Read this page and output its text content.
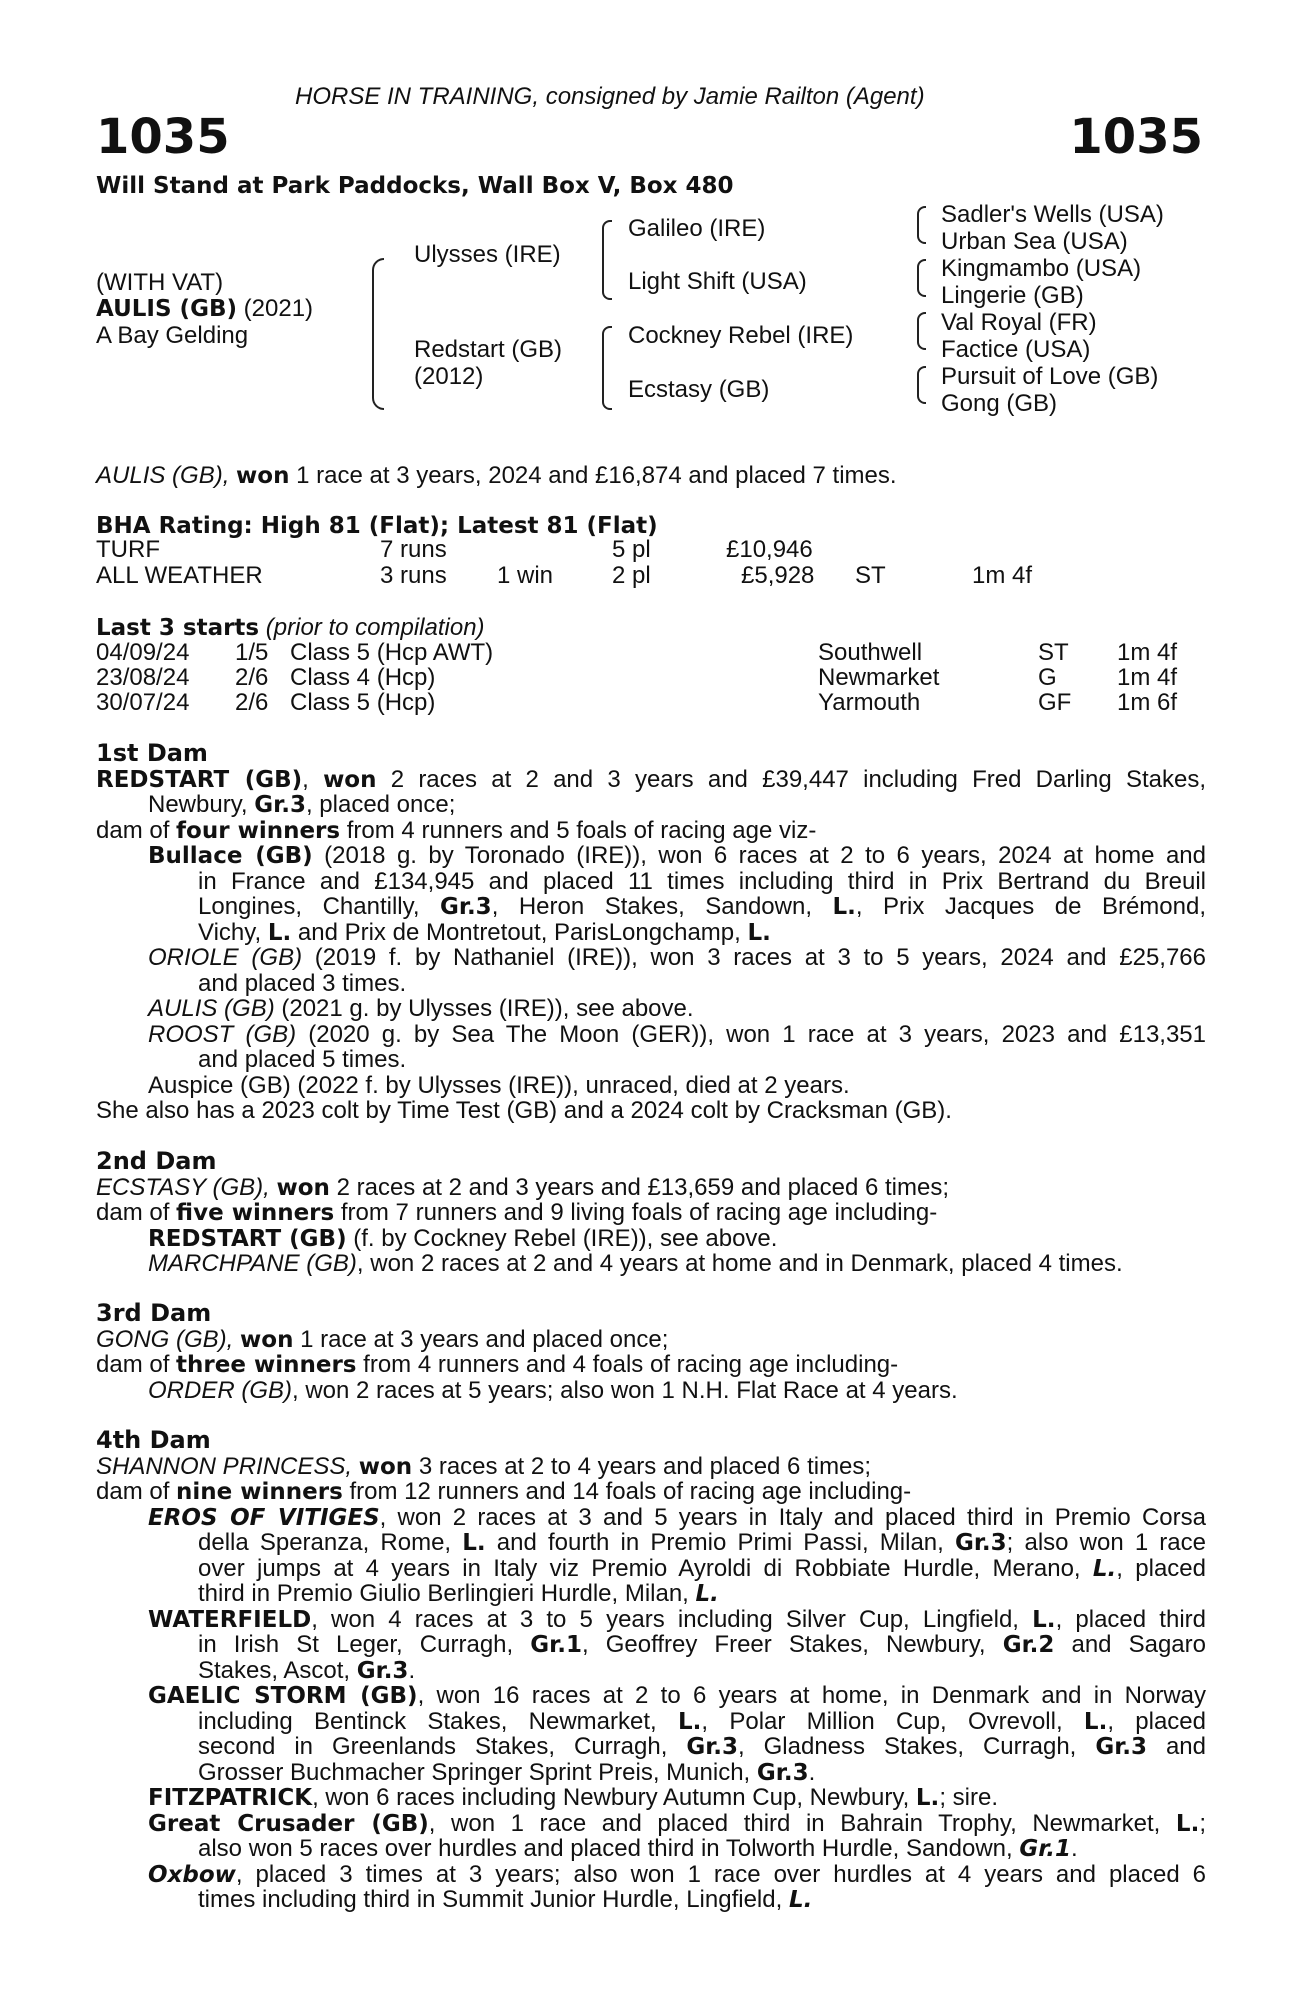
HORSE IN TRAINING, consigned by Jamie Railton (Agent)
1035	1035
Will Stand at Park Paddocks, Wall Box V, Box 480
(WITH VAT)
AULIS (GB) (2021)
A Bay Gelding
Ulysses (IRE)
Redstart (GB)
(2012)
Galileo (IRE)
Light Shift (USA)
Cockney Rebel (IRE)
Ecstasy (GB)
Sadler's Wells (USA)
Urban Sea (USA)
Kingmambo (USA)
Lingerie (GB)
Val Royal (FR)
Factice (USA)
Pursuit of Love (GB)
Gong (GB)
AULIS (GB), won 1 race at 3 years, 2024 and £16,874 and placed 7 times.
BHA Rating: High 81 (Flat); Latest 81 (Flat)
TURF	7 runs	5 pl	£10,946
ALL WEATHER	3 runs 1 win 2 pl	£5,928 ST	1m 4f
Last 3 starts (prior to compilation)
04/09/24 1/5 Class 5 (Hcp AWT)	Southwell	ST 1m 4f
23/08/24 2/6 Class 4 (Hcp)	Newmarket	G	1m 4f
30/07/24 2/6 Class 5 (Hcp)	Yarmouth	GF 1m 6f
1st Dam
REDSTART (GB), won 2 races at 2 and 3 years and £39,447 including Fred Darling Stakes,
Newbury, Gr.3, placed once;
dam of four winners from 4 runners and 5 foals of racing age viz-
Bullace (GB) (2018 g. by Toronado (IRE)), won 6 races at 2 to 6 years, 2024 at home and
in France and £134,945 and placed 11 times including third in Prix Bertrand du Breuil
Longines, Chantilly, Gr.3, Heron Stakes, Sandown, L., Prix Jacques de Brémond,
Vichy, L. and Prix de Montretout, ParisLongchamp, L.
ORIOLE (GB) (2019 f. by Nathaniel (IRE)), won 3 races at 3 to 5 years, 2024 and £25,766
and placed 3 times.
AULIS (GB) (2021 g. by Ulysses (IRE)), see above.
ROOST (GB) (2020 g. by Sea The Moon (GER)), won 1 race at 3 years, 2023 and £13,351
and placed 5 times.
Auspice (GB) (2022 f. by Ulysses (IRE)), unraced, died at 2 years.
She also has a 2023 colt by Time Test (GB) and a 2024 colt by Cracksman (GB).
2nd Dam
ECSTASY (GB), won 2 races at 2 and 3 years and £13,659 and placed 6 times;
dam of five winners from 7 runners and 9 living foals of racing age including-
REDSTART (GB) (f. by Cockney Rebel (IRE)), see above.
MARCHPANE (GB), won 2 races at 2 and 4 years at home and in Denmark, placed 4 times.
3rd Dam
GONG (GB), won 1 race at 3 years and placed once;
dam of three winners from 4 runners and 4 foals of racing age including-
ORDER (GB), won 2 races at 5 years; also won 1 N.H. Flat Race at 4 years.
4th Dam
SHANNON PRINCESS, won 3 races at 2 to 4 years and placed 6 times;
dam of nine winners from 12 runners and 14 foals of racing age including-
EROS OF VITIGES, won 2 races at 3 and 5 years in Italy and placed third in Premio Corsa
della Speranza, Rome, L. and fourth in Premio Primi Passi, Milan, Gr.3; also won 1 race
over jumps at 4 years in Italy viz Premio Ayroldi di Robbiate Hurdle, Merano, L., placed
third in Premio Giulio Berlingieri Hurdle, Milan, L.
WATERFIELD, won 4 races at 3 to 5 years including Silver Cup, Lingfield, L., placed third
in Irish St Leger, Curragh, Gr.1, Geoffrey Freer Stakes, Newbury, Gr.2 and Sagaro
Stakes, Ascot, Gr.3.
GAELIC STORM (GB), won 16 races at 2 to 6 years at home, in Denmark and in Norway
including Bentinck Stakes, Newmarket, L., Polar Million Cup, Ovrevoll, L., placed
second in Greenlands Stakes, Curragh, Gr.3, Gladness Stakes, Curragh, Gr.3 and
Grosser Buchmacher Springer Sprint Preis, Munich, Gr.3.
FITZPATRICK, won 6 races including Newbury Autumn Cup, Newbury, L.; sire.
Great Crusader (GB), won 1 race and placed third in Bahrain Trophy, Newmarket, L.;
also won 5 races over hurdles and placed third in Tolworth Hurdle, Sandown, Gr.1.
Oxbow, placed 3 times at 3 years; also won 1 race over hurdles at 4 years and placed 6
times including third in Summit Junior Hurdle, Lingfield, L.
